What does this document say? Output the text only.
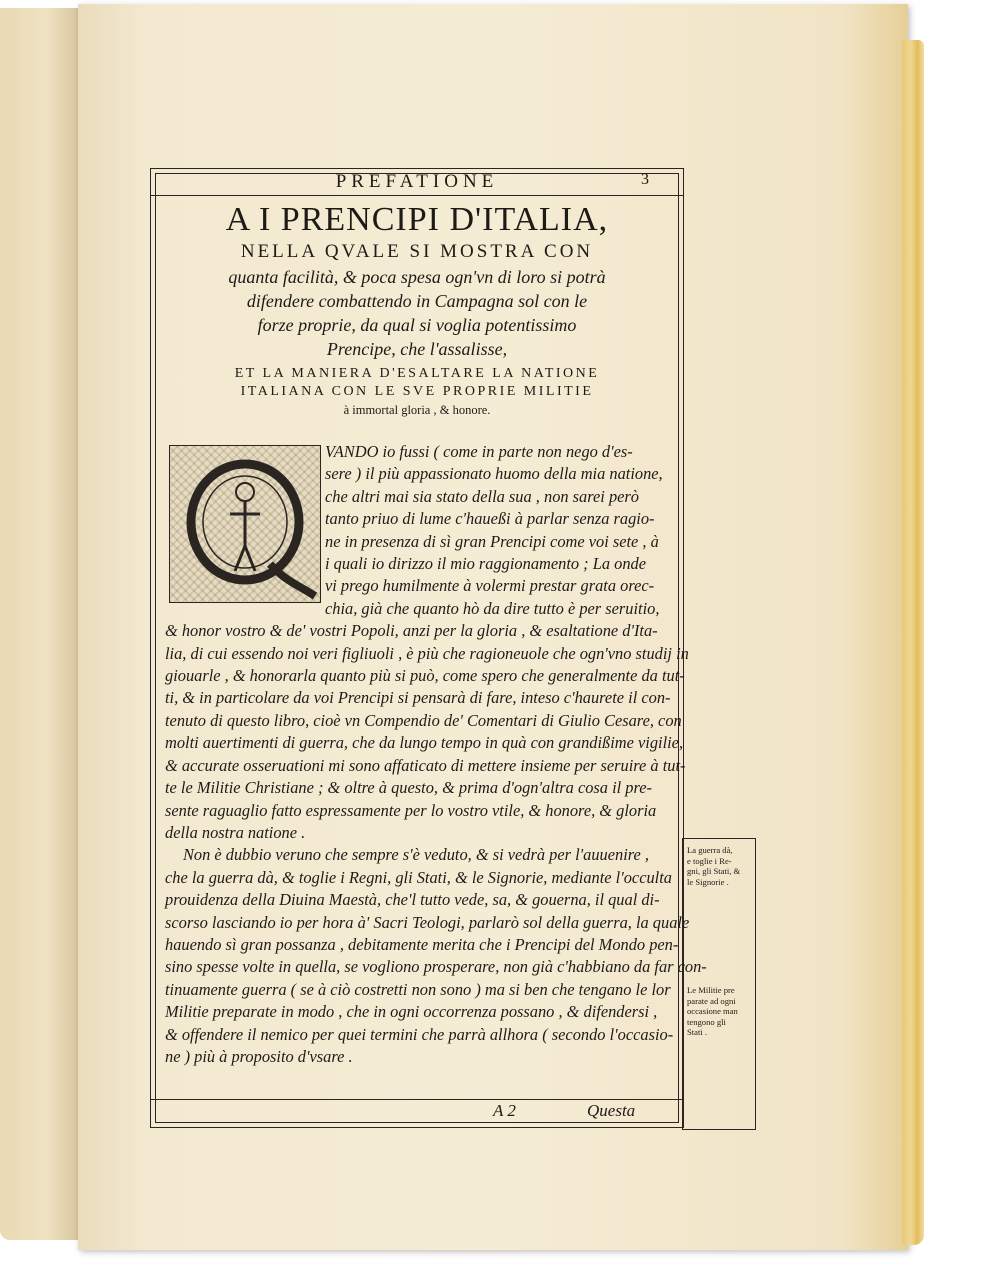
PREFATIONE	3
A I PRENCIPI D'ITALIA,
NELLA QVALE SI MOSTRA CON
quanta facilità, & poca spesa ogn'vn di loro si potrà
difendere combattendo in Campagna sol con le
forze proprie, da qual si voglia potentissimo
Prencipe, che l'assalisse,
ET LA MANIERA D'ESALTARE LA NATIONE
ITALIANA CON LE SVE PROPRIE MILITIE
à immortal gloria , & honore.
VANDO io fussi ( come in parte non nego d'es-
sere ) il più appassionato huomo della mia natione,
che altri mai sia stato della sua , non sarei però
tanto priuo di lume c'haueßi à parlar senza ragio-
ne in presenza di sì gran Prencipi come voi sete , à
i quali io dirizzo il mio raggionamento ; La onde
vi prego humilmente à volermi prestar grata orec-
chia, già che quanto hò da dire tutto è per seruitio,
& honor vostro & de' vostri Popoli, anzi per la gloria , & esaltatione d'Ita-
lia, di cui essendo noi veri figliuoli , è più che ragioneuole che ogn'vno studij in
giouarle , & honorarla quanto più si può, come spero che generalmente da tut-
ti, & in particolare da voi Prencipi si pensarà di fare, inteso c'haurete il con-
tenuto di questo libro, cioè vn Compendio de' Comentari di Giulio Cesare, con
molti auertimenti di guerra, che da lungo tempo in quà con grandißime vigilie,
& accurate osseruationi mi sono affaticato di mettere insieme per seruire à tut-
te le Militie Christiane ; & oltre à questo, & prima d'ogn'altra cosa il pre-
sente raguaglio fatto espressamente per lo vostro vtile, & honore, & gloria
della nostra natione .
Non è dubbio veruno che sempre s'è veduto, & si vedrà per l'auuenire ,
che la guerra dà, & toglie i Regni, gli Stati, & le Signorie, mediante l'occulta
prouidenza della Diuina Maestà, che'l tutto vede, sa, & gouerna, il qual di-
scorso lasciando io per hora à' Sacri Teologi, parlarò sol della guerra, la quale
hauendo sì gran possanza , debitamente merita che i Prencipi del Mondo pen-
sino spesse volte in quella, se vogliono prosperare, non già c'habbiano da far con-
tinuamente guerra ( se à ciò costretti non sono ) ma si ben che tengano le lor
Militie preparate in modo , che in ogni occorrenza possano , & difendersi ,
& offendere il nemico per quei termini che parrà allhora ( secondo l'occasio-
ne ) più à proposito d'vsare .
A 2	Questa
La guerra dà,
e toglie i Re-
gni, gli Stati, &
le Signorie .
Le Militie pre
parate ad ogni
occasione man
tengono gli
Stati .
